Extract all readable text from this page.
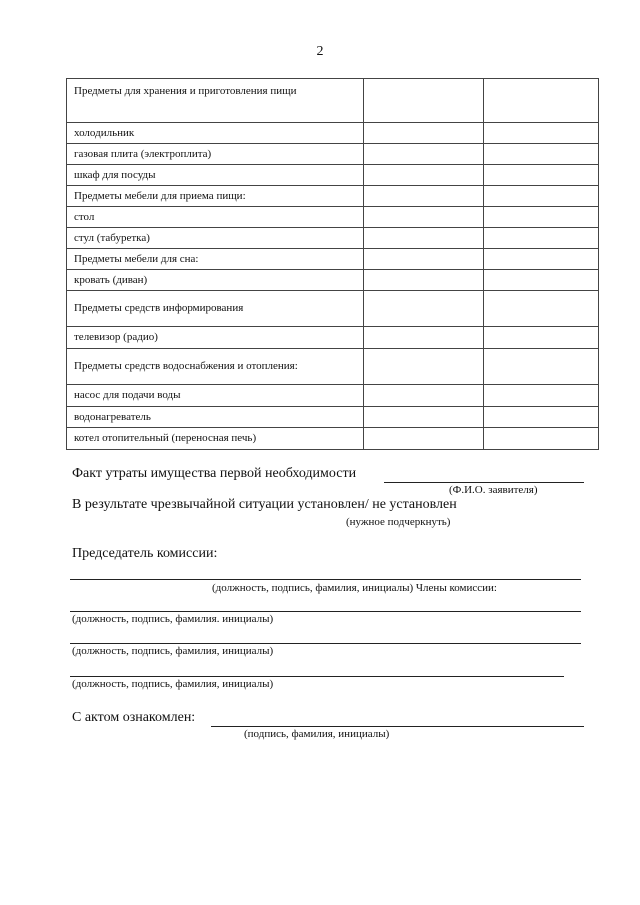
2
Предметы для хранения и приготовления пищи		
холодильник		
газовая плита (электроплита)		
шкаф для посуды		
Предметы мебели для приема пищи:		
стол		
стул (табуретка)		
Предметы мебели для сна:		
кровать (диван)		
Предметы средств информирования		
телевизор (радио)		
Предметы средств водоснабжения и отопления:		
насос для подачи воды		
водонагреватель		
котел отопительный (переносная печь)		
Факт утраты имущества первой необходимости
(Ф.И.О. заявителя)
В результате чрезвычайной ситуации установлен/ не установлен
(нужное подчеркнуть)
Председатель комиссии:
(должность, подпись, фамилия, инициалы) Члены комиссии:
(должность, подпись, фамилия. инициалы)
(должность, подпись, фамилия, инициалы)
(должность, подпись, фамилия, инициалы)
С актом ознакомлен:
(подпись, фамилия, инициалы)
